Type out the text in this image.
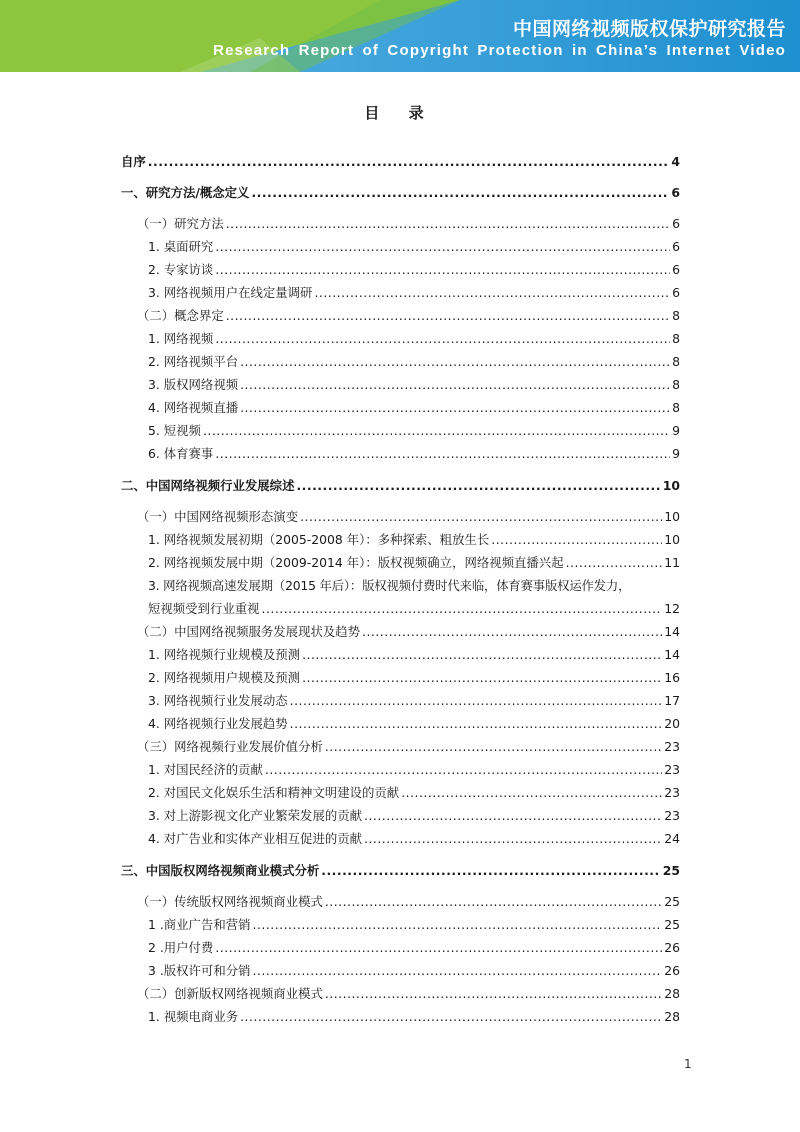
中国网络视频版权保护研究报告
Research Report of Copyright Protection in China’s Internet Video
目 录
自序 .....	4
一、研究方法/概念定义 .....	6
（一）研究方法 .....	6
1. 桌面研究 .....	6
2. 专家访谈 .....	6
3. 网络视频用户在线定量调研 .....	6
（二）概念界定 .....	8
1. 网络视频 .....	8
2. 网络视频平台 .....	8
3. 版权网络视频 .....	8
4. 网络视频直播 .....	8
5. 短视频 .....	9
6. 体育赛事 .....	9
二、中国网络视频行业发展综述 .....	10
（一）中国网络视频形态演变 .....	10
1. 网络视频发展初期（2005-2008 年）：多种探索、粗放生长 .....	10
2. 网络视频发展中期（2009-2014 年）：版权视频确立，网络视频直播兴起 .....	11
3. 网络视频高速发展期（2015 年后）：版权视频付费时代来临，体育赛事版权运作发力，
短视频受到行业重视 .....	12
（二）中国网络视频服务发展现状及趋势 .....	14
1. 网络视频行业规模及预测 .....	14
2. 网络视频用户规模及预测 .....	16
3. 网络视频行业发展动态 .....	17
4. 网络视频行业发展趋势 .....	20
（三）网络视频行业发展价值分析 .....	23
1. 对国民经济的贡献 .....	23
2. 对国民文化娱乐生活和精神文明建设的贡献 .....	23
3. 对上游影视文化产业繁荣发展的贡献 .....	23
4. 对广告业和实体产业相互促进的贡献 .....	24
三、中国版权网络视频商业模式分析 .....	25
（一）传统版权网络视频商业模式 .....	25
1 .商业广告和营销 .....	25
2 .用户付费 .....	26
3 .版权许可和分销 .....	26
（二）创新版权网络视频商业模式 .....	28
1. 视频电商业务 .....	28
1
